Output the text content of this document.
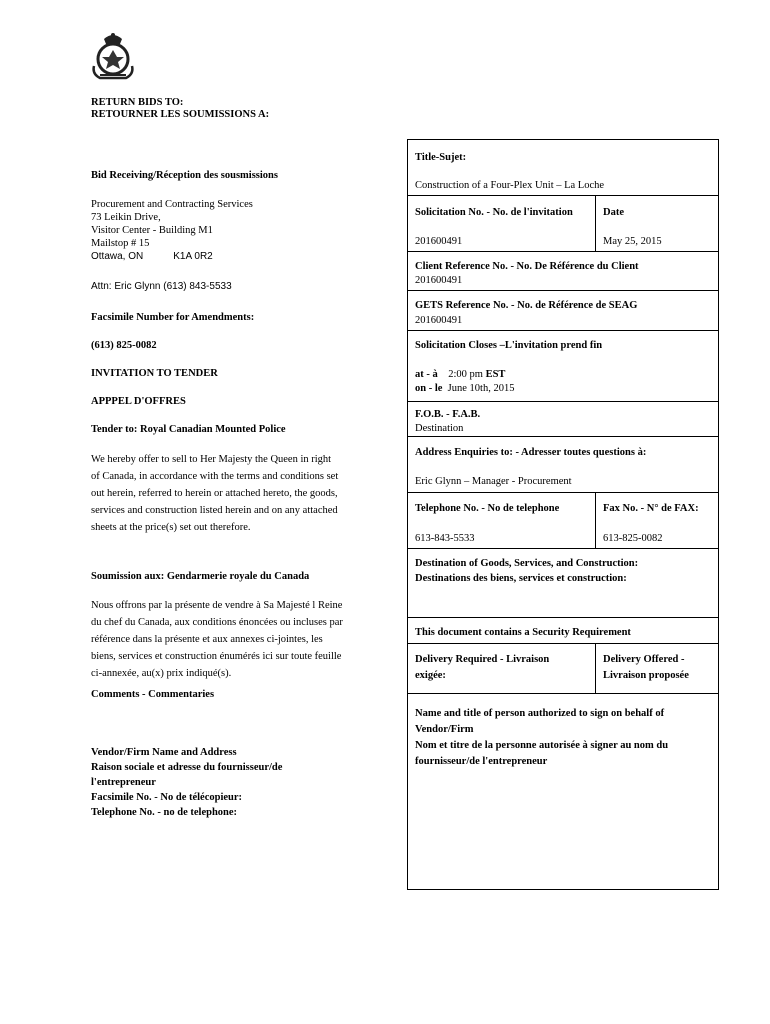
RETURN BIDS TO:
RETOURNER LES SOUMISSIONS A:
Bid Receiving/Réception des sousmissions
Procurement and Contracting Services
73 Leikin Drive,
Visitor Center - Building M1
Mailstop # 15
Ottawa, ON	K1A 0R2
Attn: Eric Glynn (613) 843-5533
Facsimile Number for Amendments:
(613) 825-0082
INVITATION TO TENDER
APPPEL D'OFFRES
Tender to: Royal Canadian Mounted Police
We hereby offer to sell to Her Majesty the Queen in right
of Canada, in accordance with the terms and conditions set
out herein, referred to herein or attached hereto, the goods,
services and construction listed herein and on any attached
sheets at the price(s) set out therefore.
Soumission aux: Gendarmerie royale du Canada
Nous offrons par la présente de vendre à Sa Majesté l Reine
du chef du Canada, aux conditions énoncées ou incluses par
référence dans la présente et aux annexes ci-jointes, les
biens, services et construction énumérés ici sur toute feuille
ci-annexée, au(x) prix indiqué(s).
Comments - Commentaries
Vendor/Firm Name and Address
Raison sociale et adresse du fournisseur/de
l'entrepreneur
Facsimile No. - No de télécopieur:
Telephone No. - no de telephone:
Title-Sujet:
Construction of a Four-Plex Unit – La Loche
Solicitation No. - No. de l'invitation
201600491
Date
May 25, 2015
Client Reference No. - No. De Référence du Client
201600491
GETS Reference No. - No. de Référence de SEAG
201600491
Solicitation Closes –L'invitation prend fin
at - à 2:00 pm EST
on - le June 10th, 2015
F.O.B. - F.A.B.
Destination
Address Enquiries to: - Adresser toutes questions à:
Eric Glynn – Manager - Procurement
Telephone No. - No de telephone
613-843-5533
Fax No. - N° de FAX:
613-825-0082
Destination of Goods, Services, and Construction:
Destinations des biens, services et construction:
This document contains a Security Requirement
Delivery Required - Livraison
exigée:
Delivery Offered -
Livraison proposée
Name and title of person authorized to sign on behalf of
Vendor/Firm
Nom et titre de la personne autorisée à signer au nom du
fournisseur/de l'entrepreneur
